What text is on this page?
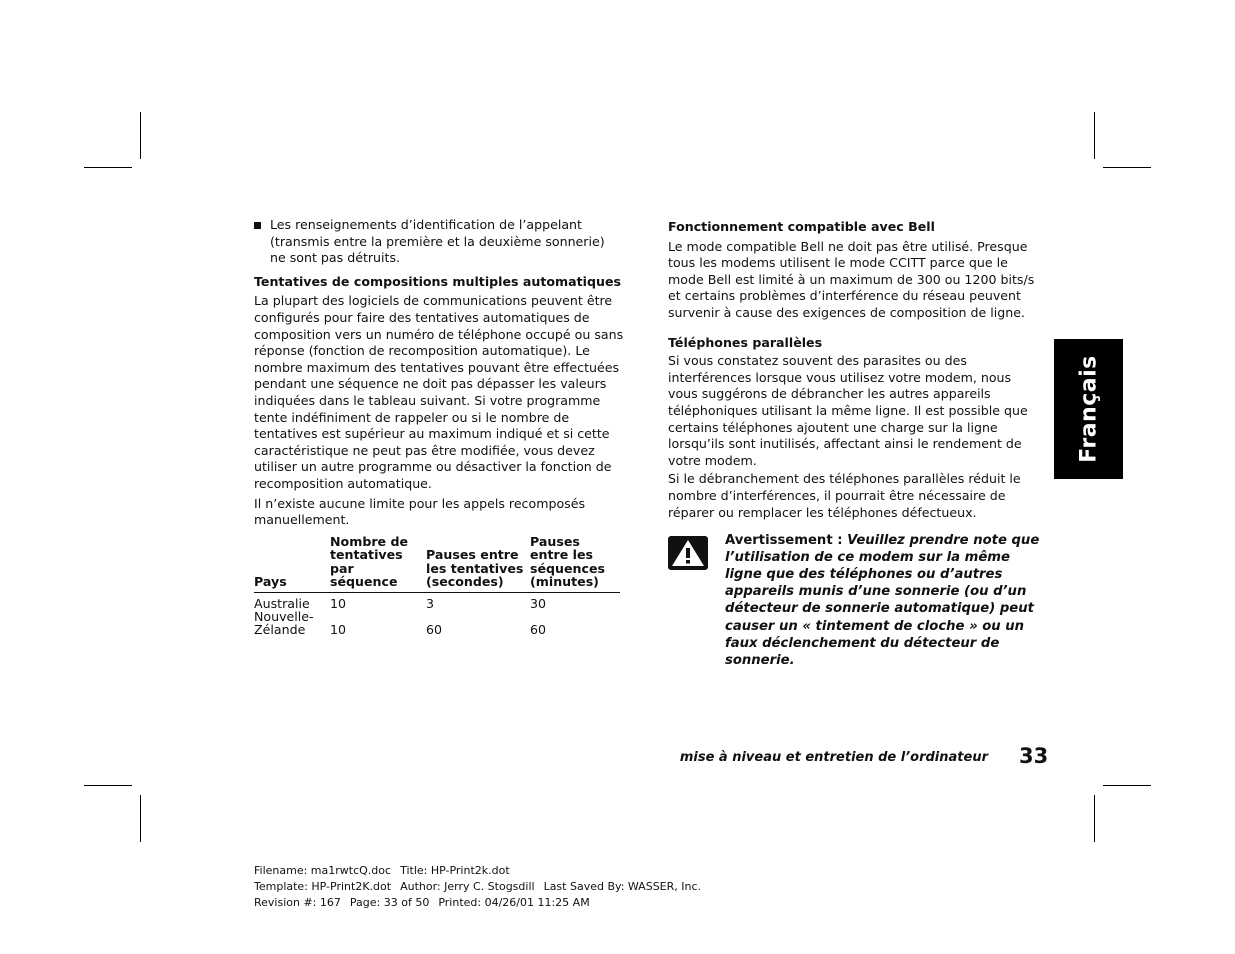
Les renseignements d’identification de l’appelant (transmis entre la première et la deuxième sonnerie) ne sont pas détruits.

Tentatives de compositions multiples automatiques

La plupart des logiciels de communications peuvent être configurés pour faire des tentatives automatiques de composition vers un numéro de téléphone occupé ou sans réponse (fonction de recomposition automatique). Le nombre maximum des tentatives pouvant être effectuées pendant une séquence ne doit pas dépasser les valeurs indiquées dans le tableau suivant. Si votre programme tente indéfiniment de rappeler ou si le nombre de tentatives est supérieur au maximum indiqué et si cette caractéristique ne peut pas être modifiée, vous devez utiliser un autre programme ou désactiver la fonction de recomposition automatique.

Il n’existe aucune limite pour les appels recomposés manuellement.

Pays	Nombre de tentatives par séquence	Pauses entre les tentatives (secondes)	Pauses entre les séquences (minutes)
Australie	10	3	30
Nouvelle-Zélande	10	60	60

Fonctionnement compatible avec Bell

Le mode compatible Bell ne doit pas être utilisé. Presque tous les modems utilisent le mode CCITT parce que le mode Bell est limité à un maximum de 300 ou 1200 bits/s et certains problèmes d’interférence du réseau peuvent survenir à cause des exigences de composition de ligne.

Téléphones parallèles

Si vous constatez souvent des parasites ou des interférences lorsque vous utilisez votre modem, nous vous suggérons de débrancher les autres appareils téléphoniques utilisant la même ligne. Il est possible que certains téléphones ajoutent une charge sur la ligne lorsqu’ils sont inutilisés, affectant ainsi le rendement de votre modem.

Si le débranchement des téléphones parallèles réduit le nombre d’interférences, il pourrait être nécessaire de réparer ou remplacer les téléphones défectueux.

Avertissement : Veuillez prendre note que l’utilisation de ce modem sur la même ligne que des téléphones ou d’autres appareils munis d’une sonnerie (ou d’un détecteur de sonnerie automatique) peut causer un « tintement de cloche » ou un faux déclenchement du détecteur de sonnerie.

Français
mise à niveau et entretien de l’ordinateur 33
Filename: ma1rwtcQ.doc Title: HP-Print2k.dot
Template: HP-Print2K.dot Author: Jerry C. Stogsdill Last Saved By: WASSER, Inc.
Revision #: 167 Page: 33 of 50 Printed: 04/26/01 11:25 AM
